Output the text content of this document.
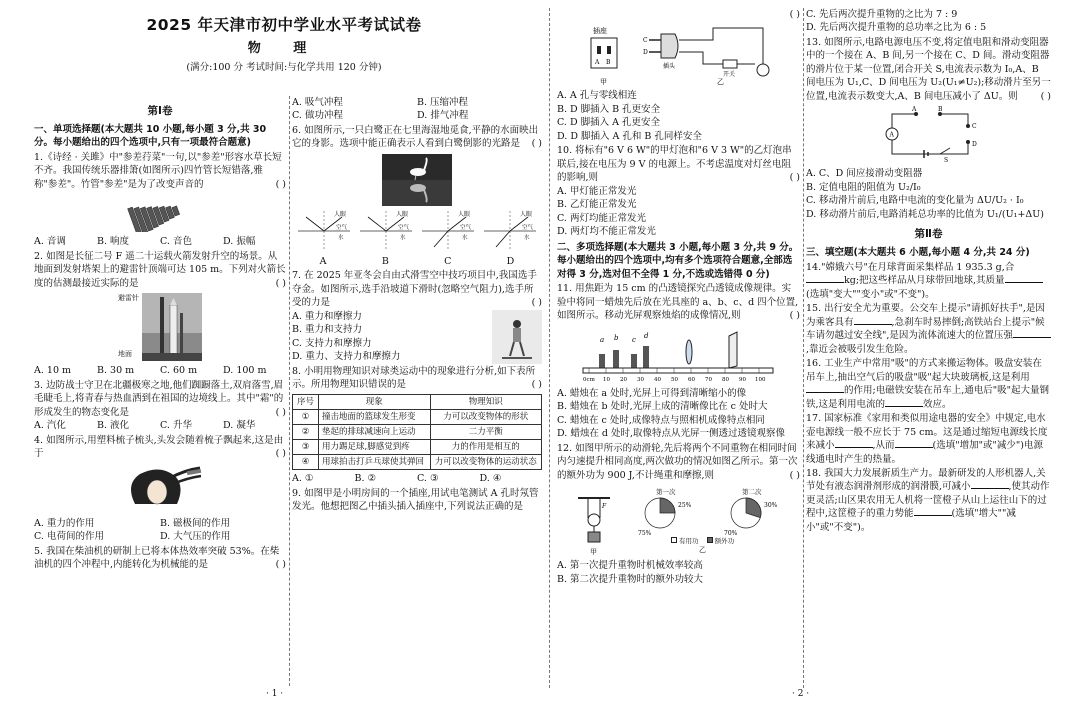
2025 年天津市初中学业水平考试试卷
物 理
(满分:100 分 考试时间:与化学共用 120 分钟)
第Ⅰ卷

一、单项选择题(本大题共 10 小题,每小题 3 分,共 30 分。每小题给出的四个选项中,只有一项最符合题意)

1.《诗经 · 关雎》中"参差荇菜"一句,以"参差"形容水草长短不齐。我国传统乐器排箫(如图所示)四竹管长短错落,雅称"参差"。竹管"参差"是为了改变声音的	( )

A. 音调	B. 响度	C. 音色	D. 振幅

2. 如图是长征二号 F 遥二十运载火箭发射升空的场景。从地面到发射塔架上的避雷针顶端可达 105 m。下列对火箭长度的估测最接近实际的是	( )

避雷针
地面
A. 10 m	B. 30 m	C. 60 m	D. 100 m

3. 边防战士守卫在北疆极寒之地,他们踟蹰落土,双肩落雪,眉毛睫毛上,将青春与热血洒到在祖国的边境线上。其中"霜"的形成发生的物态变化是	( )

A. 汽化	B. 液化	C. 升华	D. 凝华

4. 如图所示,用塑料梳子梳头,头发会随着梳子飘起来,这是由于	( )

A. 重力的作用	B. 磁极间的作用
C. 电荷间的作用	D. 大气压的作用

5. 我国在柴油机的研制上已将本体热效率突破 53%。在柴油机的四个冲程中,内能转化为机械能的是	( )

A. 吸气冲程	B. 压缩冲程
C. 做功冲程	D. 排气冲程

6. 如图所示,一只白鹭正在七里海湿地觅食,平静的水面映出它的身影。选项中能正确表示人看到白鹭倒影的光路是 ( )

人眼
空气
水
人眼
空气
水
人眼
空气
水
人眼
空气
水
A	B	C	D

7. 在 2025 年亚冬会自由式滑雪空中技巧项目中,我国选手夺金。如图所示,选手沿坡道下滑时(忽略空气阻力),选手所受的力是	( )

A. 重力和摩擦力

B. 重力和支持力

C. 支持力和摩擦力

D. 重力、支持力和摩擦力

8. 小明用物理知识对球类运动中的现象进行分析,如下表所示。所用物理知识错误的是	( )

序号	现象	物理知识
①	撞击地面的篮球发生形变	力可以改变物体的形状
②	垫起的排球减速向上运动	二力平衡
③	用力踢足球,脚感觉到疼	力的作用是相互的
④	用球拍击打乒乓球使其弹回	力可以改变物体的运动状态
A. ①	B. ②	C. ③	D. ④

9. 如图甲是小明房间的一个插座,用试电笔测试 A 孔时氖管发光。他想把图乙中插头插入插座中,下列说法正确的是

( )

插座
A B
甲
C
D
插头
开关
乙

A. A 孔与零线相连

B. D 脚插入 B 孔更安全

C. D 脚插入 A 孔更安全

D. D 脚插入 A 孔和 B 孔同样安全

10. 将标有"6 V 6 W"的甲灯泡和"6 V 3 W"的乙灯泡串联后,接在电压为 9 V 的电源上。不考虑温度对灯丝电阻的影响,则	( )

A. 甲灯能正常发光

B. 乙灯能正常发光

C. 两灯均能正常发光

D. 两灯均不能正常发光

二、多项选择题(本大题共 3 小题,每小题 3 分,共 9 分。每小题给出的四个选项中,均有多个选项符合题意,全部选对得 3 分,选对但不全得 1 分,不选或选错得 0 分)

11. 用焦距为 15 cm 的凸透镜探究凸透镜成像规律。实验中将同一蜡烛先后放在光具座的 a、b、c、d 四个位置,如图所示。移动光屏观察烛焰的成像情况,则	( )

0cm 10 20 30 40 50 60 70 80 90 100
a b c d

A. 蜡烛在 a 处时,光屏上可得到清晰缩小的像

B. 蜡烛在 b 处时,光屏上成的清晰像比在 c 处时大

C. 蜡烛在 c 处时,成像特点与照相机成像特点相同

D. 蜡烛在 d 处时,取像特点从光屏一侧透过透镜观察像

12. 如图甲所示的动滑轮,先后将两个不同重物在相同时间内匀速提升相同高度,两次做功的情况如图乙所示。第一次的额外功为 900 J,不计绳重和摩擦,则	( )

F
甲
第一次
25%
75%
第二次
30%
70%
有用功	额外功
乙

A. 第一次提升重物时机械效率较高

B. 第二次提升重物时的额外功较大

C. 先后两次提升重物的之比为 7 : 9

D. 先后两次提升重物的总功率之比为 6 : 5

13. 如图所示,电路电源电压不变,将定值电阻和滑动变阻器中的一个接在 A、B 间,另一个接在 C、D 间。滑动变阻器的滑片位于某一位置,闭合开关 S,电流表示数为 I₀,A、B 间电压为 U₁,C、D 间电压为 U₂(U₁≠U₂);移动滑片至另一位置,电流表示数变大,A、B 间电压减小了 ΔU。则 ( )

A	B
C
D
A
S

A. C、D 间应接滑动变阻器

B. 定值电阻的阻值为 U₂/I₀

C. 移动滑片前后,电路中电流的变化量为 ΔU/U₂ · I₀

D. 移动滑片前后,电路消耗总功率的比值为 U₁/(U₁+ΔU)

第Ⅱ卷

三、填空题(本大题共 6 小题,每小题 4 分,共 24 分)

14."嫦娥六号"在月球背面采集样品 1 935.3 g,合kg;把这些样品从月球带回地球,其质量(选填"变大""变小"或"不变")。

15. 出行安全尤为重要。公交车上提示"请抓好扶手",是因为乘客具有	,急刹车时易摔倒;高铁站台上提示"候车请勿越过安全线",是因为流体流速大的位置压强,靠近会被吸引发生危险。

16. 工业生产中常用"吸"的方式来搬运物体。吸盘安装在吊车上,抽出空气后的吸盘"吸"起大块玻璃板,这是利用的作用;电磁铁安装在吊车上,通电后"吸"起大量钢铁,这是利用电流的	效应。

17. 国家标准《家用和类似用途电器的安全》中规定,电水壶电源线一般不应长于 75 cm。这是通过缩短电源线长度来减小	,从而	(选填"增加"或"减少")电源线通电时产生的热量。

18. 我国大力发展新质生产力。最新研发的人形机器人,关节处有液态润滑剂形成的润滑膜,可减小	,使其动作更灵活;山区果农用无人机将一筐橙子从山上运往山下的过程中,这筐橙子的重力势能	(选填"增大""减小"或"不变")。

· 1 ·	· 2 ·
